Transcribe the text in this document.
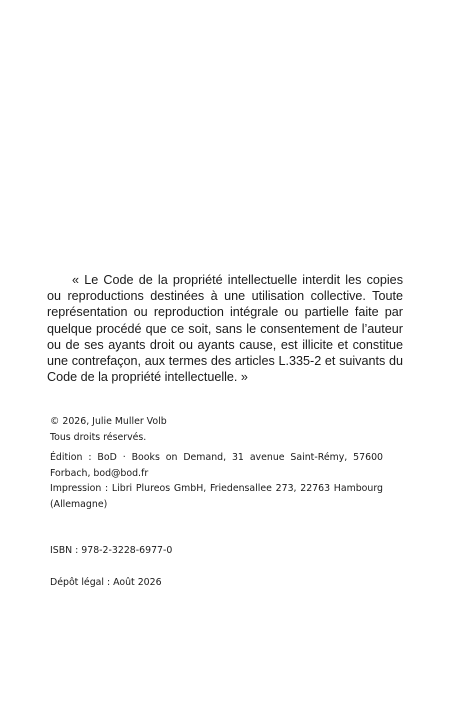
« Le Code de la propriété intellectuelle interdit les copies ou reproductions destinées à une utilisation collective. Toute représentation ou reproduction intégrale ou partielle faite par quelque procédé que ce soit, sans le consentement de l’auteur ou de ses ayants droit ou ayants cause, est illicite et constitue une contrefaçon, aux termes des articles L.335-2 et suivants du Code de la propriété intellectuelle. »

© 2026, Julie Muller Volb
Tous droits réservés.

Édition : BoD · Books on Demand, 31 avenue Saint-Rémy, 57600 Forbach, bod@bod.fr

Impression : Libri Plureos GmbH, Friedensallee 273, 22763 Hambourg (Allemagne)

ISBN : 978-2-3228-6977-0

Dépôt légal : Août 2026
